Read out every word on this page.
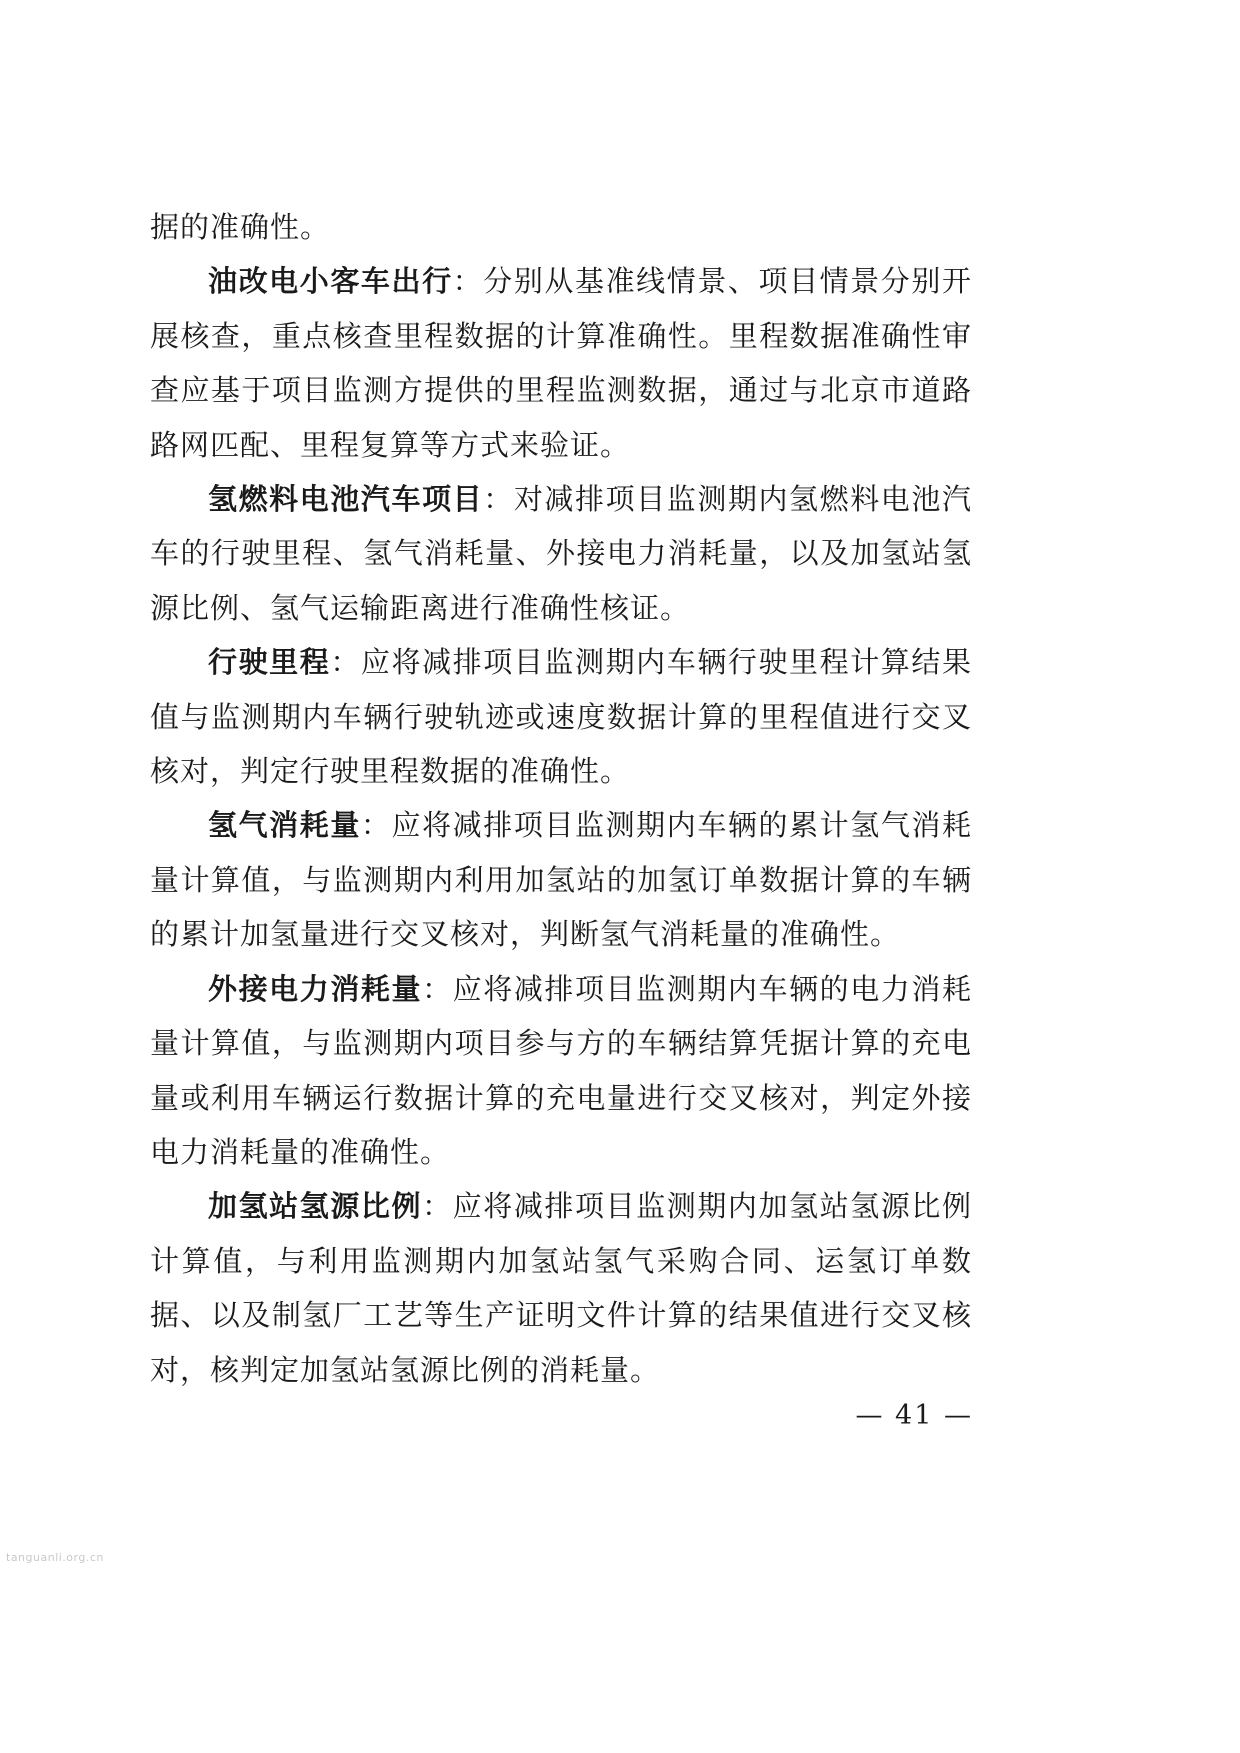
据的准确性。

油改电小客车出行：分别从基准线情景、项目情景分别开展核查，重点核查里程数据的计算准确性。里程数据准确性审查应基于项目监测方提供的里程监测数据，通过与北京市道路路网匹配、里程复算等方式来验证。

氢燃料电池汽车项目：对减排项目监测期内氢燃料电池汽车的行驶里程、氢气消耗量、外接电力消耗量，以及加氢站氢源比例、氢气运输距离进行准确性核证。

行驶里程：应将减排项目监测期内车辆行驶里程计算结果值与监测期内车辆行驶轨迹或速度数据计算的里程值进行交叉核对，判定行驶里程数据的准确性。

氢气消耗量：应将减排项目监测期内车辆的累计氢气消耗量计算值，与监测期内利用加氢站的加氢订单数据计算的车辆的累计加氢量进行交叉核对，判断氢气消耗量的准确性。

外接电力消耗量：应将减排项目监测期内车辆的电力消耗量计算值，与监测期内项目参与方的车辆结算凭据计算的充电量或利用车辆运行数据计算的充电量进行交叉核对，判定外接电力消耗量的准确性。

加氢站氢源比例：应将减排项目监测期内加氢站氢源比例计算值，与利用监测期内加氢站氢气采购合同、运氢订单数据、以及制氢厂工艺等生产证明文件计算的结果值进行交叉核对，核判定加氢站氢源比例的消耗量。

— 41 —
tanguanli.org.cn
